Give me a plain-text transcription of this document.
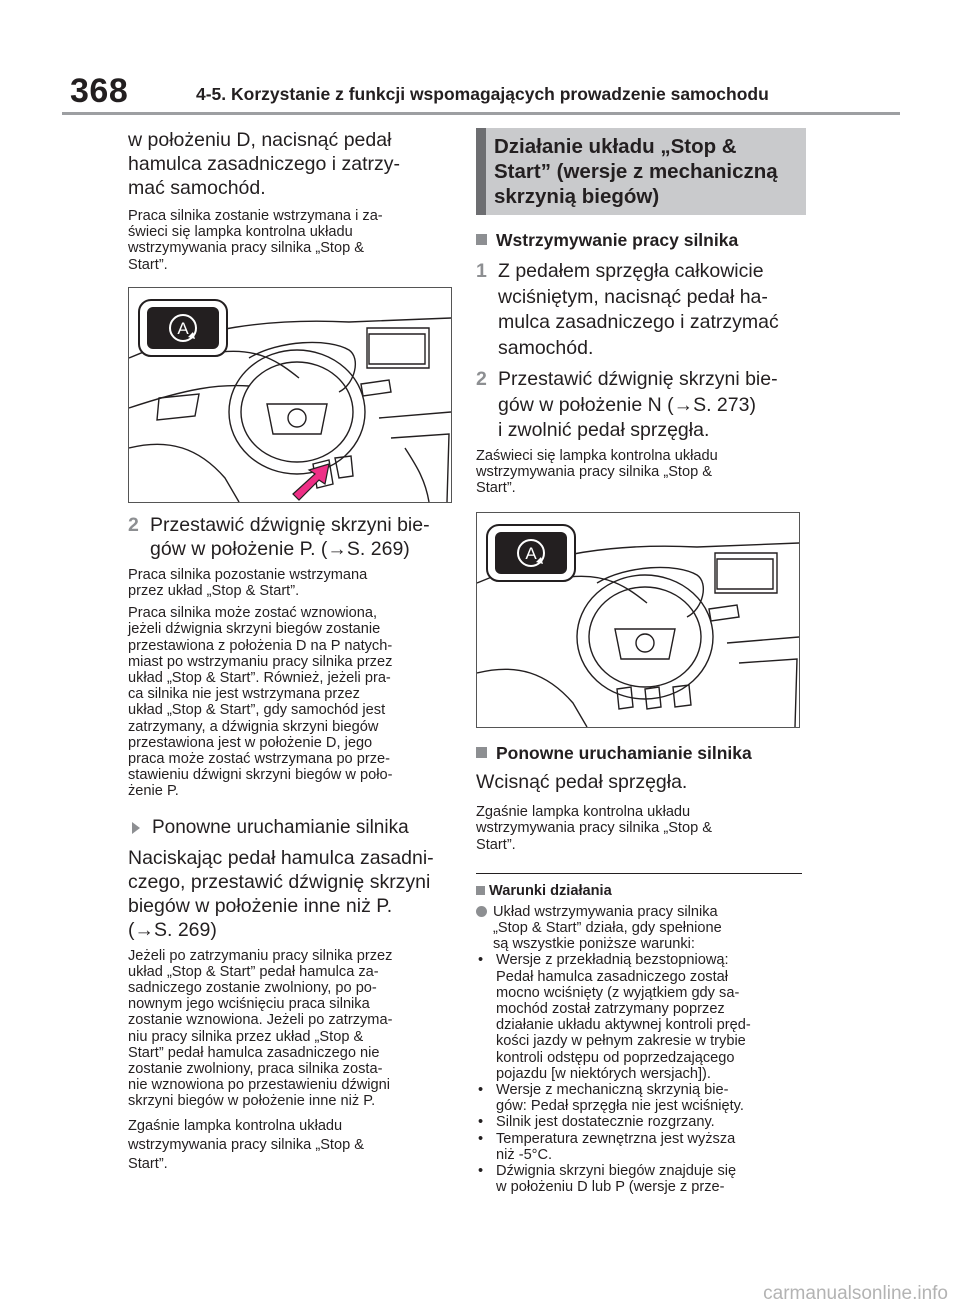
368	4-5. Korzystanie z funkcji wspomagających prowadzenie samochodu
w położeniu D, nacisnąć pedał
hamulca zasadniczego i zatrzy-
mać samochód.
Praca silnika zostanie wstrzymana i za-
świeci się lampka kontrolna układu
wstrzymywania pracy silnika „Stop &
Start”.
A
2 Przestawić dźwignię skrzyni bie-
gów w położenie P. (→S. 269)
Praca silnika pozostanie wstrzymana
przez układ „Stop & Start”.
Praca silnika może zostać wznowiona,
jeżeli dźwignia skrzyni biegów zostanie
przestawiona z położenia D na P natych-
miast po wstrzymaniu pracy silnika przez
układ „Stop & Start”. Również, jeżeli pra-
ca silnika nie jest wstrzymana przez
układ „Stop & Start”, gdy samochód jest
zatrzymany, a dźwignia skrzyni biegów
przestawiona jest w położenie D, jego
praca może zostać wstrzymana po prze-
stawieniu dźwigni skrzyni biegów w poło-
żenie P.
Ponowne uruchamianie silnika
Naciskając pedał hamulca zasadni-
czego, przestawić dźwignię skrzyni
biegów w położenie inne niż P.
(→S. 269)
Jeżeli po zatrzymaniu pracy silnika przez
układ „Stop & Start” pedał hamulca za-
sadniczego zostanie zwolniony, po po-
nownym jego wciśnięciu praca silnika
zostanie wznowiona. Jeżeli po zatrzyma-
niu pracy silnika przez układ „Stop &
Start” pedał hamulca zasadniczego nie
zostanie zwolniony, praca silnika zosta-
nie wznowiona po przestawieniu dźwigni
skrzyni biegów w położenie inne niż P.
Zgaśnie lampka kontrolna układu
wstrzymywania pracy silnika „Stop &
Start”.
Działanie układu „Stop &
Start” (wersje z mechaniczną
skrzynią biegów)
Wstrzymywanie pracy silnika
1 Z pedałem sprzęgła całkowicie
wciśniętym, nacisnąć pedał ha-
mulca zasadniczego i zatrzymać
samochód.
2 Przestawić dźwignię skrzyni bie-
gów w położenie N (→S. 273)
i zwolnić pedał sprzęgła.
Zaświeci się lampka kontrolna układu
wstrzymywania pracy silnika „Stop &
Start”.
A
Ponowne uruchamianie silnika
Wcisnąć pedał sprzęgła.
Zgaśnie lampka kontrolna układu
wstrzymywania pracy silnika „Stop &
Start”.
Warunki działania
Układ wstrzymywania pracy silnika
„Stop & Start” działa, gdy spełnione
są wszystkie poniższe warunki:
• Wersje z przekładnią bezstopniową:
Pedał hamulca zasadniczego został
mocno wciśnięty (z wyjątkiem gdy sa-
mochód został zatrzymany poprzez
działanie układu aktywnej kontroli pręd-
kości jazdy w pełnym zakresie w trybie
kontroli odstępu od poprzedzającego
pojazdu [w niektórych wersjach]).
• Wersje z mechaniczną skrzynią bie-
gów: Pedał sprzęgła nie jest wciśnięty.
• Silnik jest dostatecznie rozgrzany.
• Temperatura zewnętrzna jest wyższa
niż -5°C.
• Dźwignia skrzyni biegów znajduje się
w położeniu D lub P (wersje z prze-
carmanualsonline.info
